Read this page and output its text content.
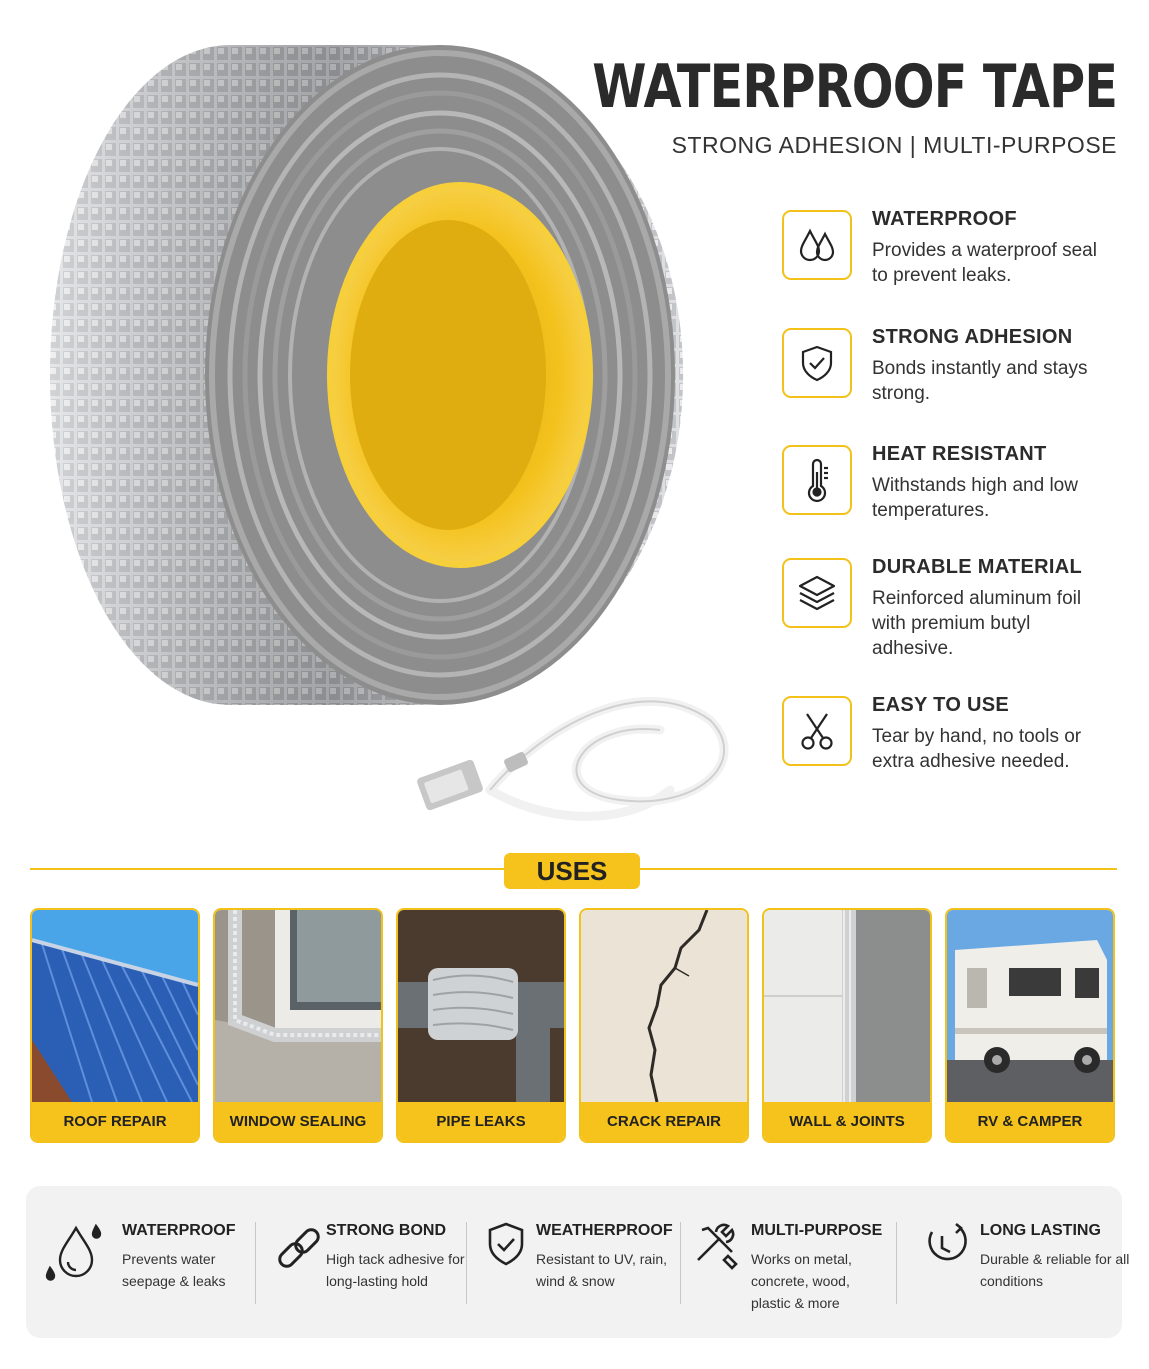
WATERPROOF TAPE

STRONG ADHESION | MULTI-PURPOSE

WATERPROOF
Provides a waterproof seal to prevent leaks.
STRONG ADHESION
Bonds instantly and stays strong.
HEAT RESISTANT
Withstands high and low temperatures.
DURABLE MATERIAL
Reinforced aluminum foil with premium butyl adhesive.
EASY TO USE
Tear by hand, no tools or extra adhesive needed.
USES
ROOF REPAIR	WINDOW SEALING	PIPE LEAKS	CRACK REPAIR	WALL & JOINTS	RV & CAMPER
WATERPROOF
Prevents water seepage & leaks
STRONG BOND
High tack adhesive for long-lasting hold
WEATHERPROOF
Resistant to UV, rain, wind & snow
MULTI-PURPOSE
Works on metal, concrete, wood, plastic & more
LONG LASTING
Durable & reliable for all conditions
